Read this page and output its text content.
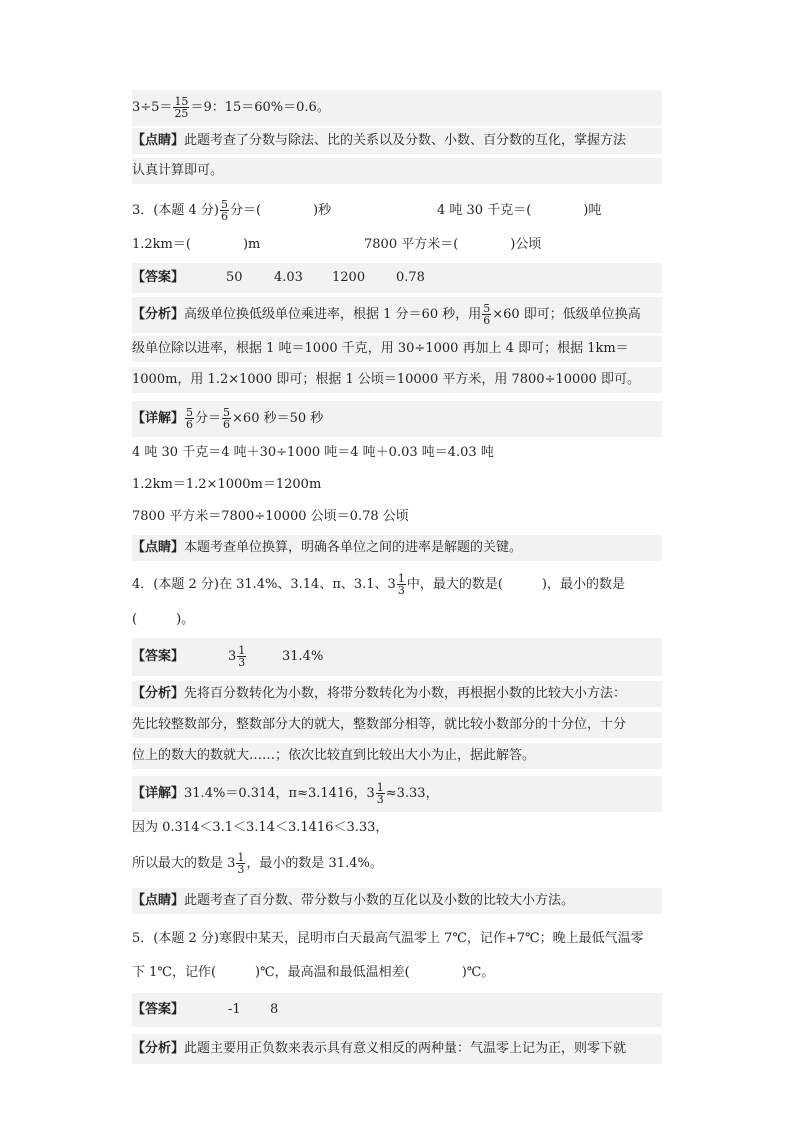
$3\div 5= \frac{15}{25} =9$：15＝60%＝0.6。
【点睛】此题考查了分数与除法、比的关系以及分数、小数、百分数的互化，掌握方法
认真计算即可。
3．(本题 4 分) $\frac{5}{6}$ 分＝(　　　　)秒	4 吨 30 千克＝(　　　　)吨
1.2km＝(　　　　)m	7800 平方米＝(　　　　)公顷
【答案】	50 4.03 1200 0.78
【分析】高级单位换低级单位乘进率，根据 1 分＝60 秒，用 $\frac{5}{6} \times 60$ 即可；低级单位换高
级单位除以进率，根据 1 吨＝1000 千克，用 30÷1000 再加上 4 即可；根据 1km＝
1000m，用 1.2×1000 即可；根据 1 公顷＝10000 平方米，用 7800÷10000 即可。
【详解】 $\frac{5}{6}$ 分＝ $\frac{5}{6} \times 60$ 秒＝50 秒
4 吨 30 千克＝4 吨＋30÷1000 吨＝4 吨＋0.03 吨＝4.03 吨
1.2km＝1.2×1000m＝1200m
7800 平方米＝7800÷10000 公顷＝0.78 公顷
【点睛】本题考查单位换算，明确各单位之间的进率是解题的关键。
4．(本题 2 分)在 31.4%、3.14、π、3.1、$3 \frac{1}{3}$ 中，最大的数是(　　　)，最小的数是
(　　　)。
【答案】	$3 \frac{1}{3}$	31.4%
【分析】先将百分数转化为小数，将带分数转化为小数，再根据小数的比较大小方法：
先比较整数部分，整数部分大的就大，整数部分相等，就比较小数部分的十分位，十分
位上的数大的数就大……；依次比较直到比较出大小为止，据此解答。
【详解】31.4%＝0.314，π≈3.1416，$3 \frac{1}{3} \approx 3.33$，
因为 0.314＜3.1＜3.14＜3.1416＜3.33，
所以最大的数是 $3 \frac{1}{3}$ ，最小的数是 31.4%。
【点睛】此题考查了百分数、带分数与小数的互化以及小数的比较大小方法。
5．(本题 2 分)寒假中某天，昆明市白天最高气温零上 7℃，记作+7℃；晚上最低气温零
下 1℃，记作(　　　)℃，最高温和最低温相差(　　　　)℃。
【答案】	-1 8
【分析】此题主要用正负数来表示具有意义相反的两种量：气温零上记为正，则零下就
